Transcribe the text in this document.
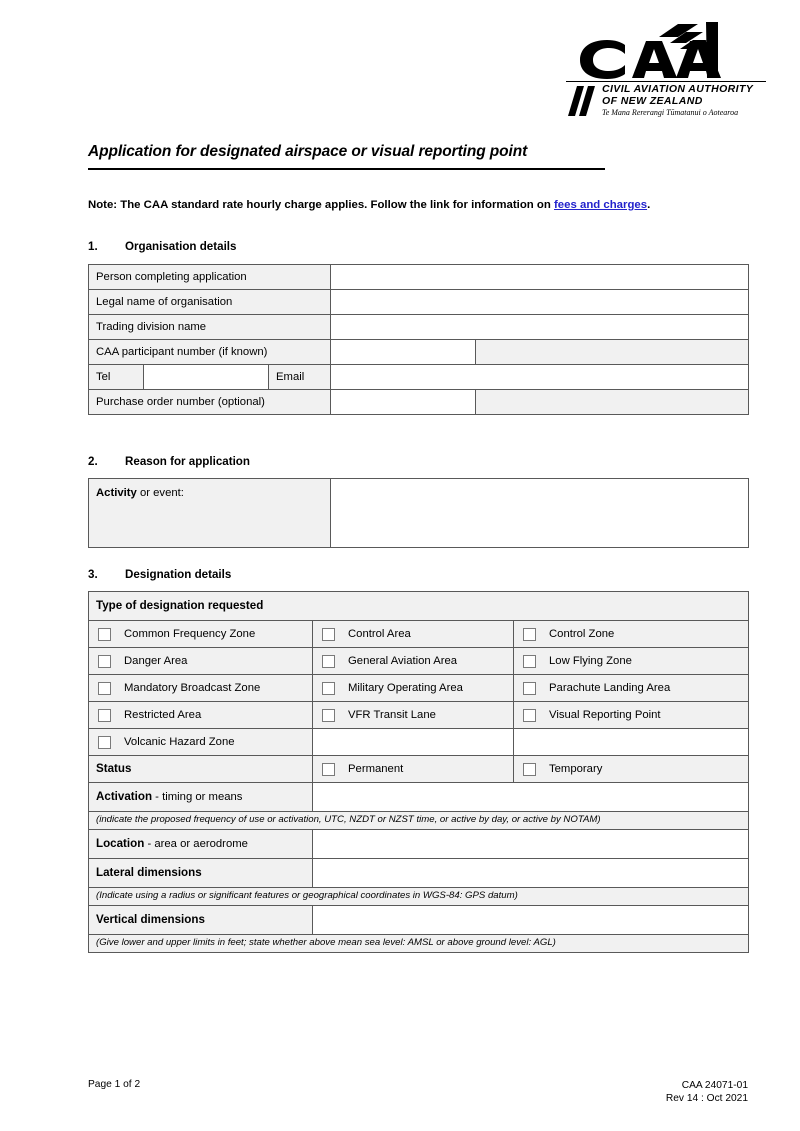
CIVIL AVIATION AUTHORITY
OF NEW ZEALAND
Te Mana Rererangi Tūmatanui o Aotearoa
Application for designated airspace or visual reporting point
Note: The CAA standard rate hourly charge applies. Follow the link for information on fees and charges.
1. Organisation details
Person completing application				
Legal name of organisation				
Trading division name				
CAA participant number (if known)				
Tel		Email		
Purchase order number (optional)				
2. Reason for application
Activity or event:	
3. Designation details
Type of designation requested		

Common Frequency Zone	Control Area	Control Zone

Danger Area	General Aviation Area	Low Flying Zone

Mandatory Broadcast Zone	Military Operating Area	Parachute Landing Area

Restricted Area	VFR Transit Lane	Visual Reporting Point

Volcanic Hazard Zone		

Status	Permanent	Temporary

Activation - timing or means		
(indicate the proposed frequency of use or activation, UTC, NZDT or NZST time, or active by day, or active by NOTAM)		
Location - area or aerodrome		
Lateral dimensions		
(Indicate using a radius or significant features or geographical coordinates in WGS-84: GPS datum)		
Vertical dimensions		
(Give lower and upper limits in feet; state whether above mean sea level: AMSL or above ground level: AGL)		
Page 1 of 2	CAA 24071-01
Rev 14 : Oct 2021
